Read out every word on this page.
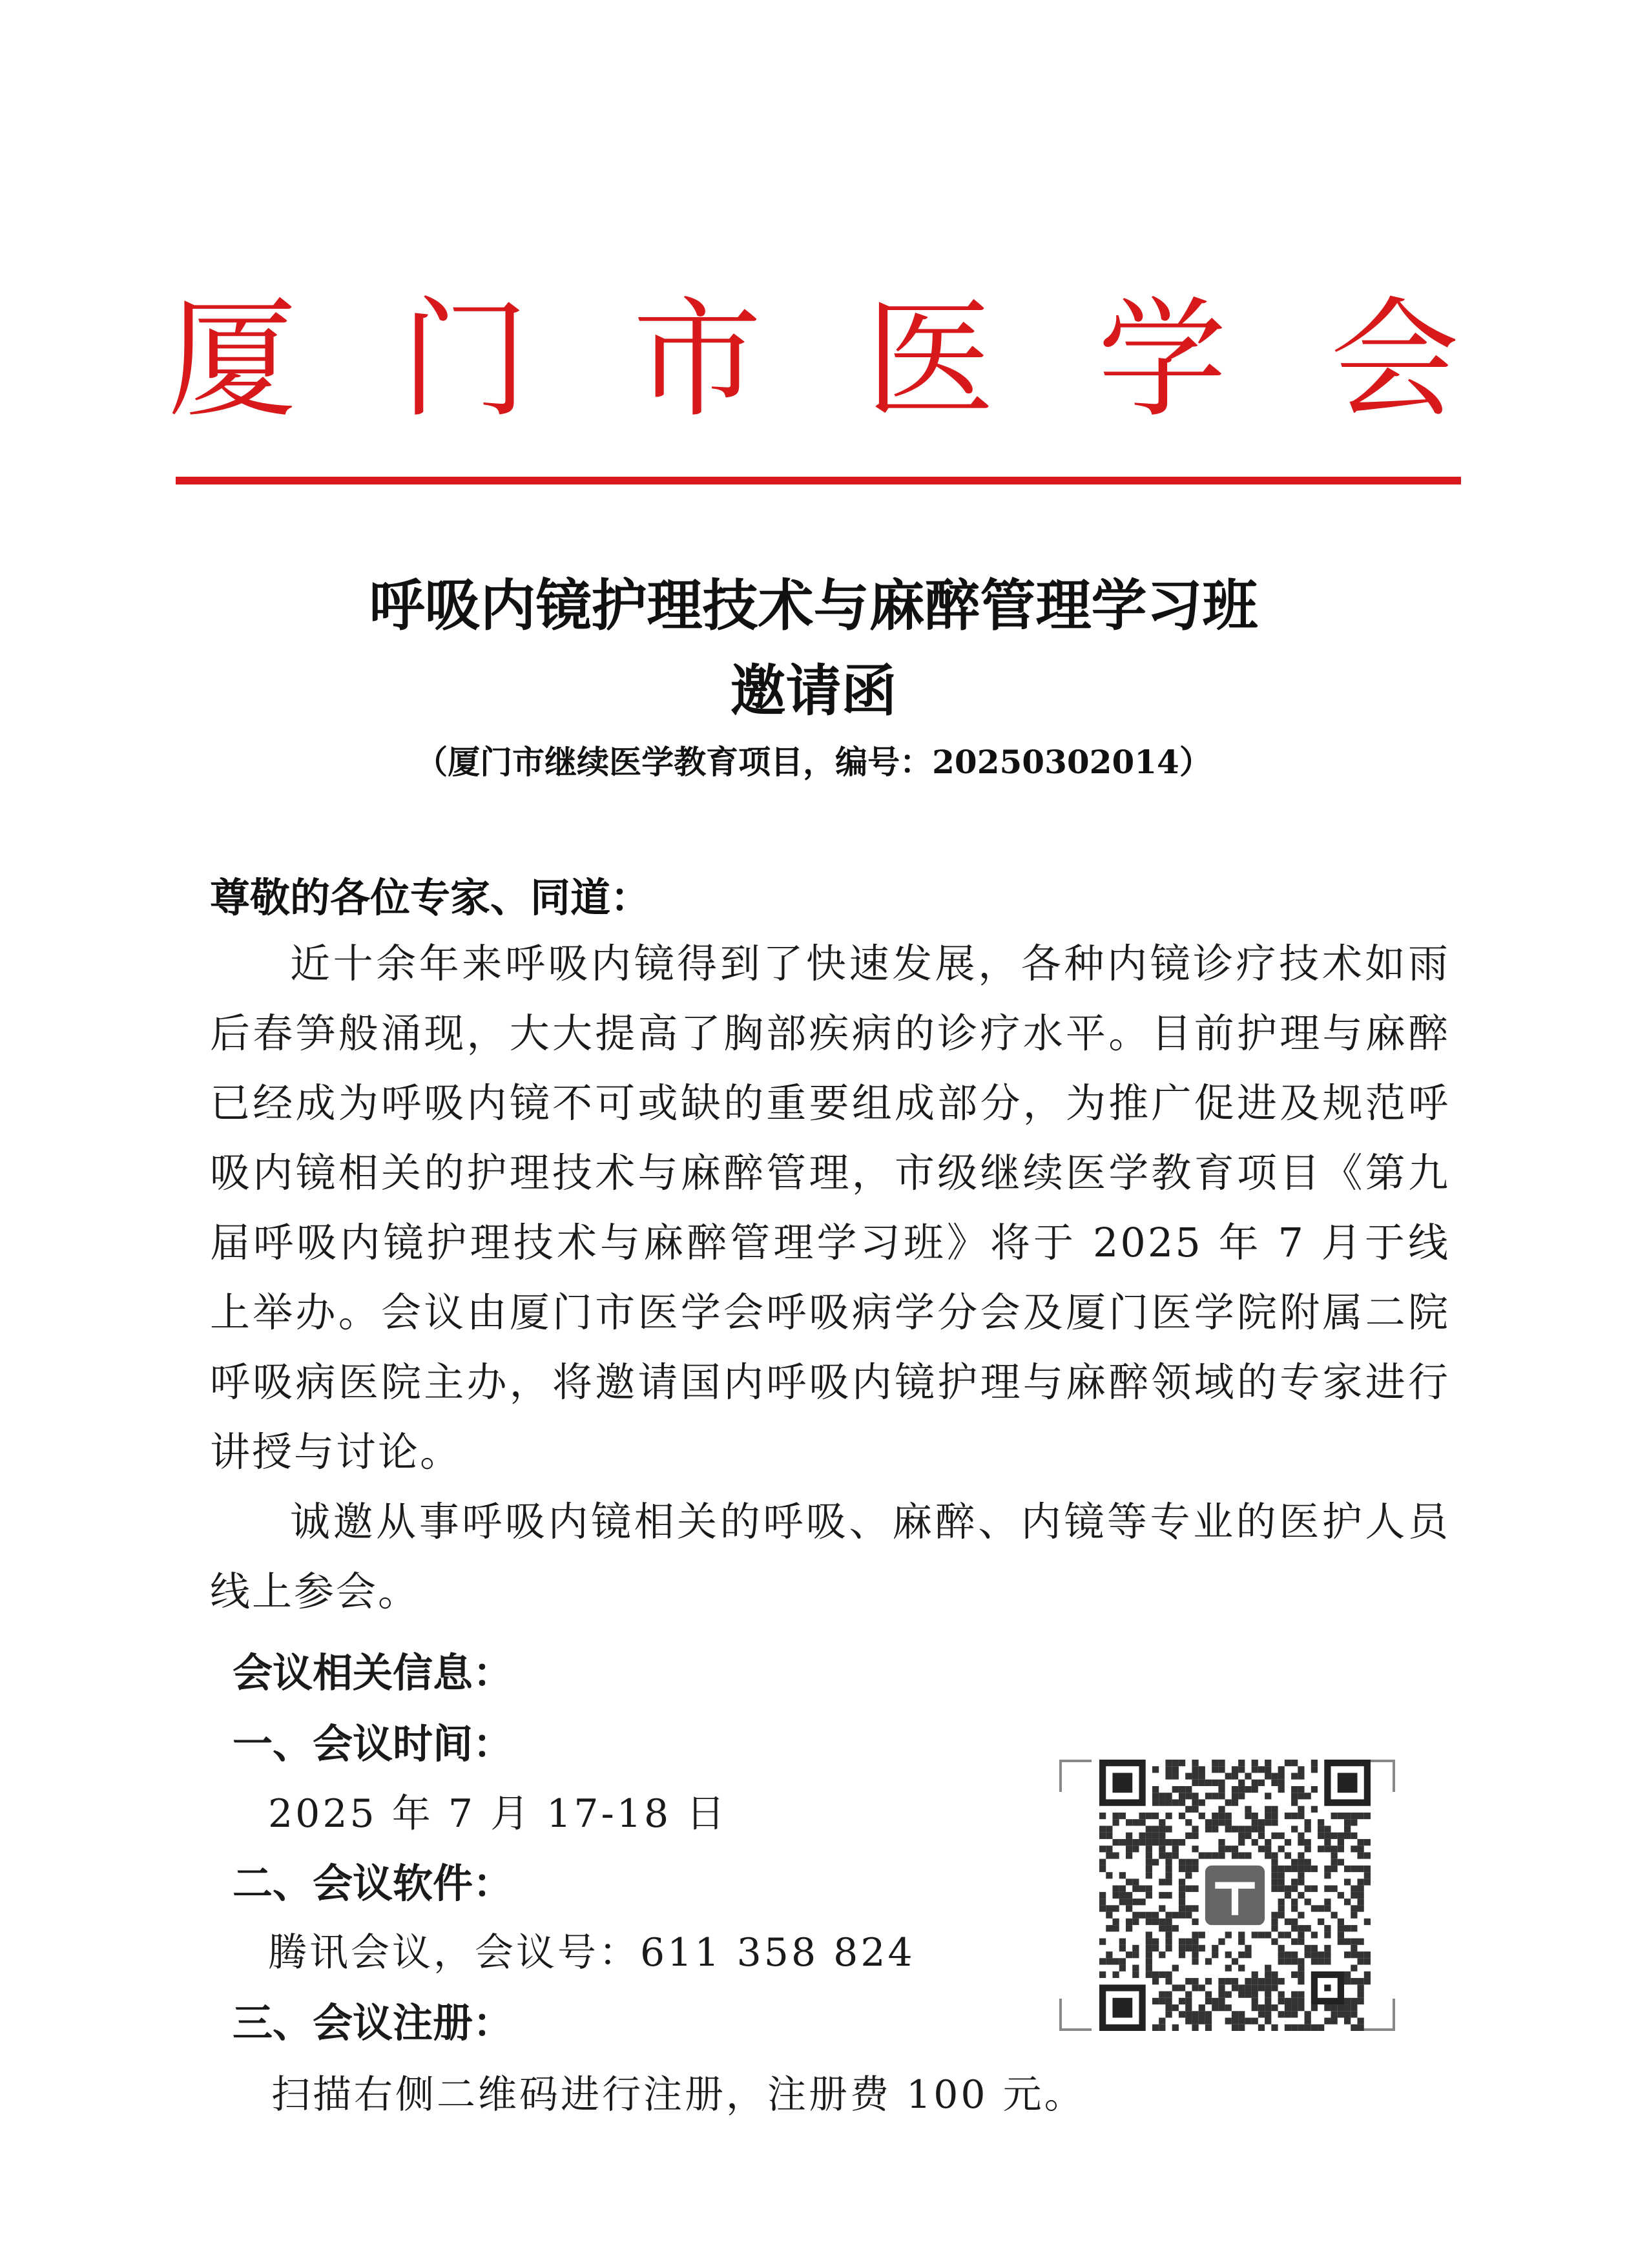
厦门市医学会
呼吸内镜护理技术与麻醉管理学习班
邀请函
（厦门市继续医学教育项目，编号：20250302014）
尊敬的各位专家、同道：
近十余年来呼吸内镜得到了快速发展，各种内镜诊疗技术如雨后春笋般涌现，大大提高了胸部疾病的诊疗水平。目前护理与麻醉已经成为呼吸内镜不可或缺的重要组成部分，为推广促进及规范呼吸内镜相关的护理技术与麻醉管理，市级继续医学教育项目《第九届呼吸内镜护理技术与麻醉管理学习班》将于 2025 年 7 月于线上举办。会议由厦门市医学会呼吸病学分会及厦门医学院附属二院呼吸病医院主办，将邀请国内呼吸内镜护理与麻醉领域的专家进行讲授与讨论。
诚邀从事呼吸内镜相关的呼吸、麻醉、内镜等专业的医护人员线上参会。
会议相关信息：
一、会议时间：
2025 年 7 月 17-18 日
二、会议软件：
腾讯会议，会议号：611 358 824
三、会议注册：
扫描右侧二维码进行注册，注册费 100 元。
